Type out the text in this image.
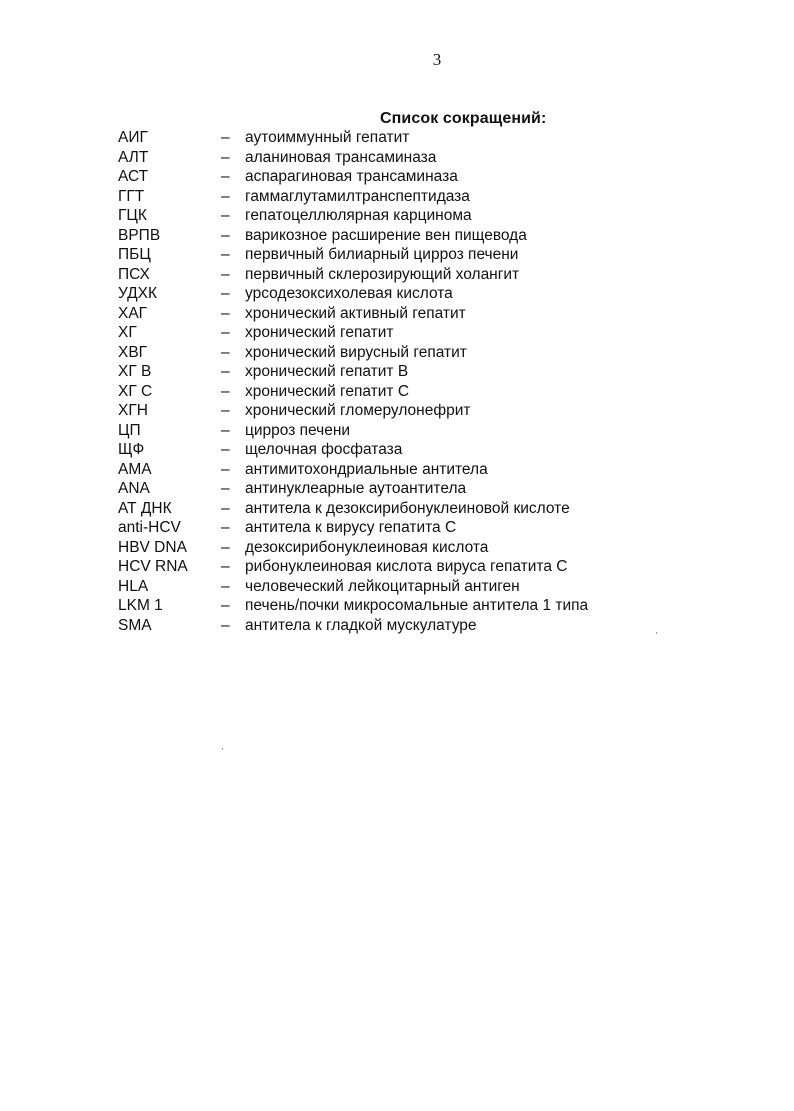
3
Список сокращений:
АИГ	– аутоиммунный гепатит
АЛТ	– аланиновая трансаминаза
АСТ	– аспарагиновая трансаминаза
ГГТ	– гаммаглутамилтранспептидаза
ГЦК	– гепатоцеллюлярная карцинома
ВРПВ	– варикозное расширение вен пищевода
ПБЦ	– первичный билиарный цирроз печени
ПСХ	– первичный склерозирующий холангит
УДХК	– урсодезоксихолевая кислота
ХАГ	– хронический активный гепатит
ХГ	– хронический гепатит
ХВГ	– хронический вирусный гепатит
ХГ В	– хронический гепатит В
ХГ С	– хронический гепатит С
ХГН	– хронический гломерулонефрит
ЦП	– цирроз печени
ЩФ	– щелочная фосфатаза
AMA	– антимитохондриальные антитела
ANA	– антинуклеарные аутоантитела
АТ ДНК	– антитела к дезоксирибонуклеиновой кислоте
anti-HCV	– антитела к вирусу гепатита С
HBV DNA – дезоксирибонуклеиновая кислота
HCV RNA – рибонуклеиновая кислота вируса гепатита С
HLA	– человеческий лейкоцитарный антиген
LKM 1	– печень/почки микросомальные антитела 1 типа
SMA	– антитела к гладкой мускулатуре
